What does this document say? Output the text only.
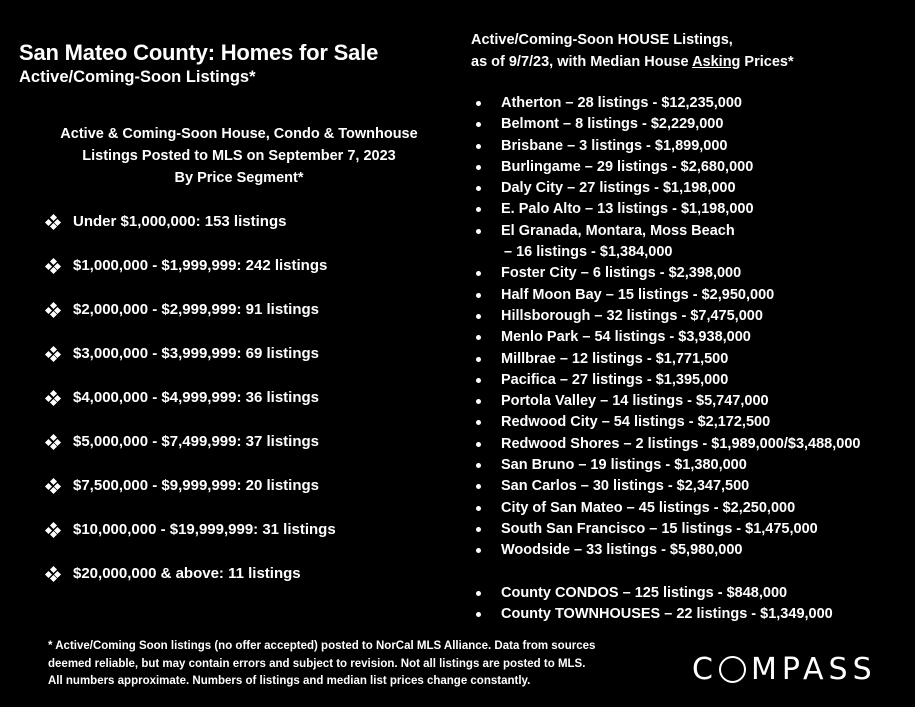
San Mateo County: Homes for Sale
Active/Coming-Soon Listings*
Active & Coming-Soon House, Condo & Townhouse
Listings Posted to MLS on September 7, 2023
By Price Segment*
Under $1,000,000: 153 listings
$1,000,000 - $1,999,999: 242 listings
$2,000,000 - $2,999,999: 91 listings
$3,000,000 - $3,999,999: 69 listings
$4,000,000 - $4,999,999: 36 listings
$5,000,000 - $7,499,999: 37 listings
$7,500,000 - $9,999,999: 20 listings
$10,000,000 - $19,999,999: 31 listings
$20,000,000 & above: 11 listings
Active/Coming-Soon HOUSE Listings,
as of 9/7/23, with Median House Asking Prices*
Atherton – 28 listings - $12,235,000
Belmont – 8 listings - $2,229,000
Brisbane – 3 listings - $1,899,000
Burlingame – 29 listings - $2,680,000
Daly City – 27 listings - $1,198,000
E. Palo Alto – 13 listings - $1,198,000
El Granada, Montara, Moss Beach
– 16 listings - $1,384,000
Foster City – 6 listings - $2,398,000
Half Moon Bay – 15 listings - $2,950,000
Hillsborough – 32 listings - $7,475,000
Menlo Park – 54 listings - $3,938,000
Millbrae – 12 listings - $1,771,500
Pacifica – 27 listings - $1,395,000
Portola Valley – 14 listings - $5,747,000
Redwood City – 54 listings - $2,172,500
Redwood Shores – 2 listings - $1,989,000/$3,488,000
San Bruno – 19 listings - $1,380,000
San Carlos – 30 listings - $2,347,500
City of San Mateo – 45 listings - $2,250,000
South San Francisco – 15 listings - $1,475,000
Woodside – 33 listings - $5,980,000
County CONDOS – 125 listings - $848,000
County TOWNHOUSES – 22 listings - $1,349,000
* Active/Coming Soon listings (no offer accepted) posted to NorCal MLS Alliance. Data from sources
deemed reliable, but may contain errors and subject to revision. Not all listings are posted to MLS.
All numbers approximate. Numbers of listings and median list prices change constantly.	C MPASS
